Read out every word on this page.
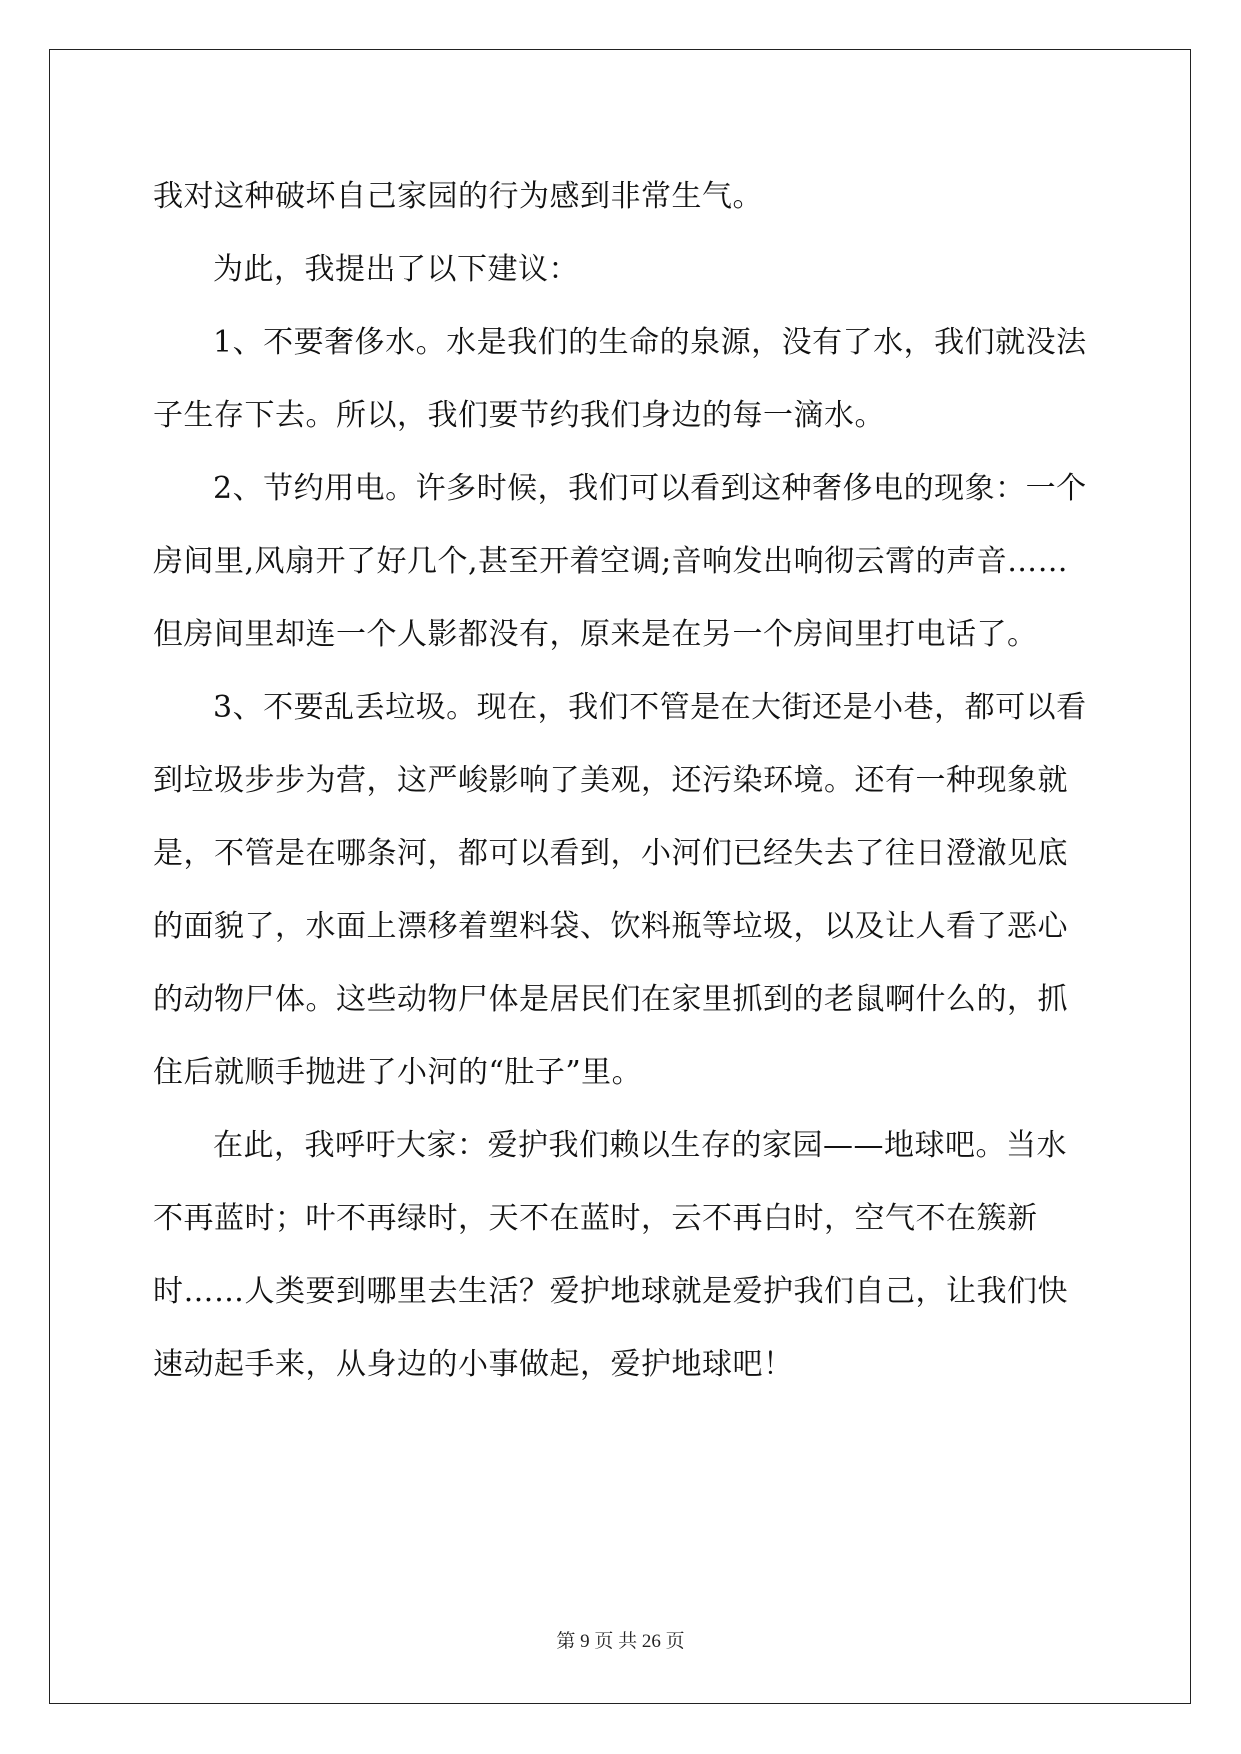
我对这种破坏自己家园的行为感到非常生气。
为此，我提出了以下建议：
1、不要奢侈水。水是我们的生命的泉源，没有了水，我们就没法
子生存下去。所以，我们要节约我们身边的每一滴水。
2、节约用电。许多时候，我们可以看到这种奢侈电的现象：一个
房间里,风扇开了好几个,甚至开着空调;音响发出响彻云霄的声音……
但房间里却连一个人影都没有，原来是在另一个房间里打电话了。
3、不要乱丢垃圾。现在，我们不管是在大街还是小巷，都可以看
到垃圾步步为营，这严峻影响了美观，还污染环境。还有一种现象就
是，不管是在哪条河，都可以看到，小河们已经失去了往日澄澈见底
的面貌了，水面上漂移着塑料袋、饮料瓶等垃圾，以及让人看了恶心
的动物尸体。这些动物尸体是居民们在家里抓到的老鼠啊什么的，抓
住后就顺手抛进了小河的“肚子”里。
在此，我呼吁大家：爱护我们赖以生存的家园——地球吧。当水
不再蓝时；叶不再绿时，天不在蓝时，云不再白时，空气不在簇新
时……人类要到哪里去生活？爱护地球就是爱护我们自己，让我们快
速动起手来，从身边的小事做起，爱护地球吧！
第 9 页 共 26 页
